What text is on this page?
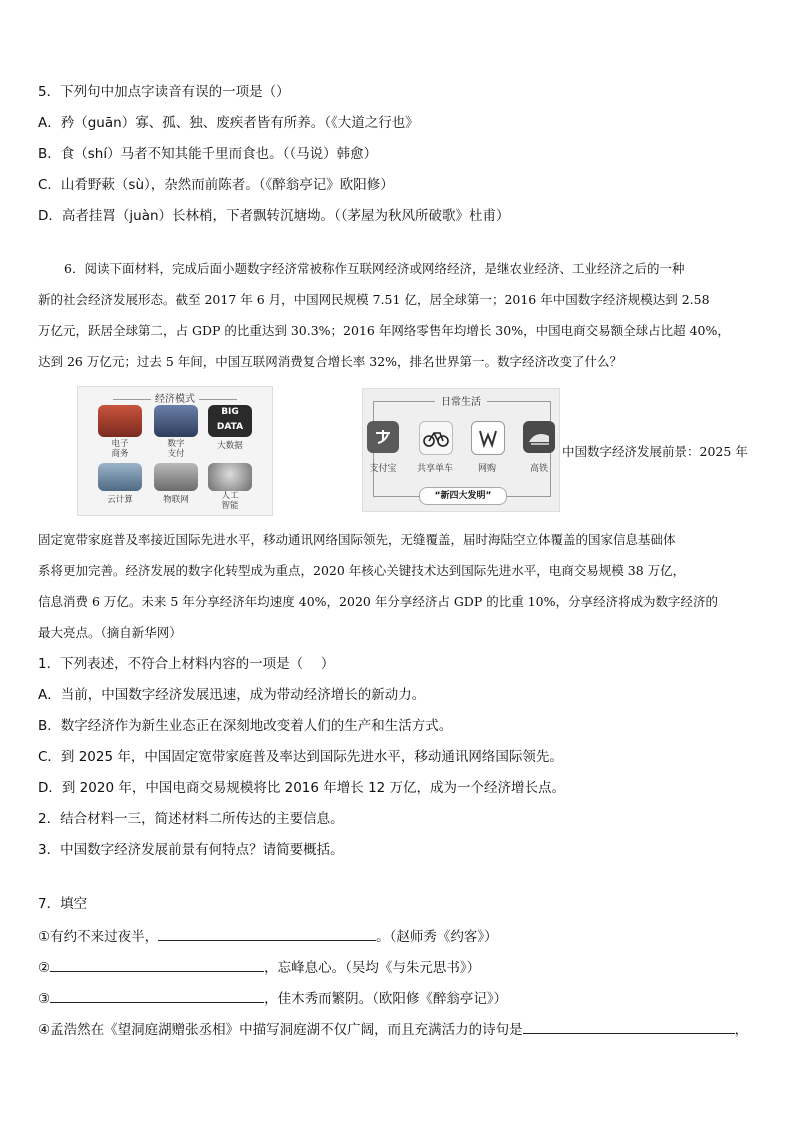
5．下列句中加点字读音有误的一项是（）
A．矜（guān）寡、孤、独、废疾者皆有所养。（《大道之行也》
B．食（shí）马者不知其能千里而食也。（（马说）韩愈）
C．山肴野蔌（sù），杂然而前陈者。（《醉翁亭记》欧阳修）
D．高者挂罥（juàn）长林梢，下者飘转沉塘坳。（（茅屋为秋风所破歌》杜甫）
6．阅读下面材料，完成后面小题数字经济常被称作互联网经济或网络经济，是继农业经济、工业经济之后的一种
新的社会经济发展形态。截至 2017 年 6 月，中国网民规模 7.51 亿，居全球第一；2016 年中国数字经济规模达到 2.58
万亿元，跃居全球第二，占 GDP 的比重达到 30.3%；2016 年网络零售年均增长 30%，中国电商交易额全球占比超 40%，
达到 26 万亿元；过去 5 年间，中国互联网消费复合增长率 32%，排名世界第一。数字经济改变了什么？
经济模式
BIG
DATA
电子
商务
数字
支付
大数据
云计算	物联网	人工
智能
日常生活
支付宝	共享单车	网购	高铁
“新四大发明”
中国数字经济发展前景：2025 年
固定宽带家庭普及率接近国际先进水平，移动通讯网络国际领先，无缝覆盖，届时海陆空立体覆盖的国家信息基础体
系将更加完善。经济发展的数字化转型成为重点，2020 年核心关键技术达到国际先进水平，电商交易规模 38 万亿，
信息消费 6 万亿。未来 5 年分享经济年均速度 40%，2020 年分享经济占 GDP 的比重 10%，分享经济将成为数字经济的
最大亮点。（摘自新华网）
1．下列表述，不符合上材料内容的一项是（　 ）
A．当前，中国数字经济发展迅速，成为带动经济增长的新动力。
B．数字经济作为新生业态正在深刻地改变着人们的生产和生活方式。
C．到 2025 年，中国固定宽带家庭普及率达到国际先进水平，移动通讯网络国际领先。
D．到 2020 年，中国电商交易规模将比 2016 年增长 12 万亿，成为一个经济增长点。
2．结合材料一三，简述材料二所传达的主要信息。
3．中国数字经济发展前景有何特点？请简要概括。
7．填空
①有约不来过夜半，	。（赵师秀《约客》）
②	，忘峰息心。（吴均《与朱元思书》）
③	，佳木秀而繁阴。（欧阳修《醉翁亭记》）
④孟浩然在《望洞庭湖赠张丞相》中描写洞庭湖不仅广阔，而且充满活力的诗句是	，
